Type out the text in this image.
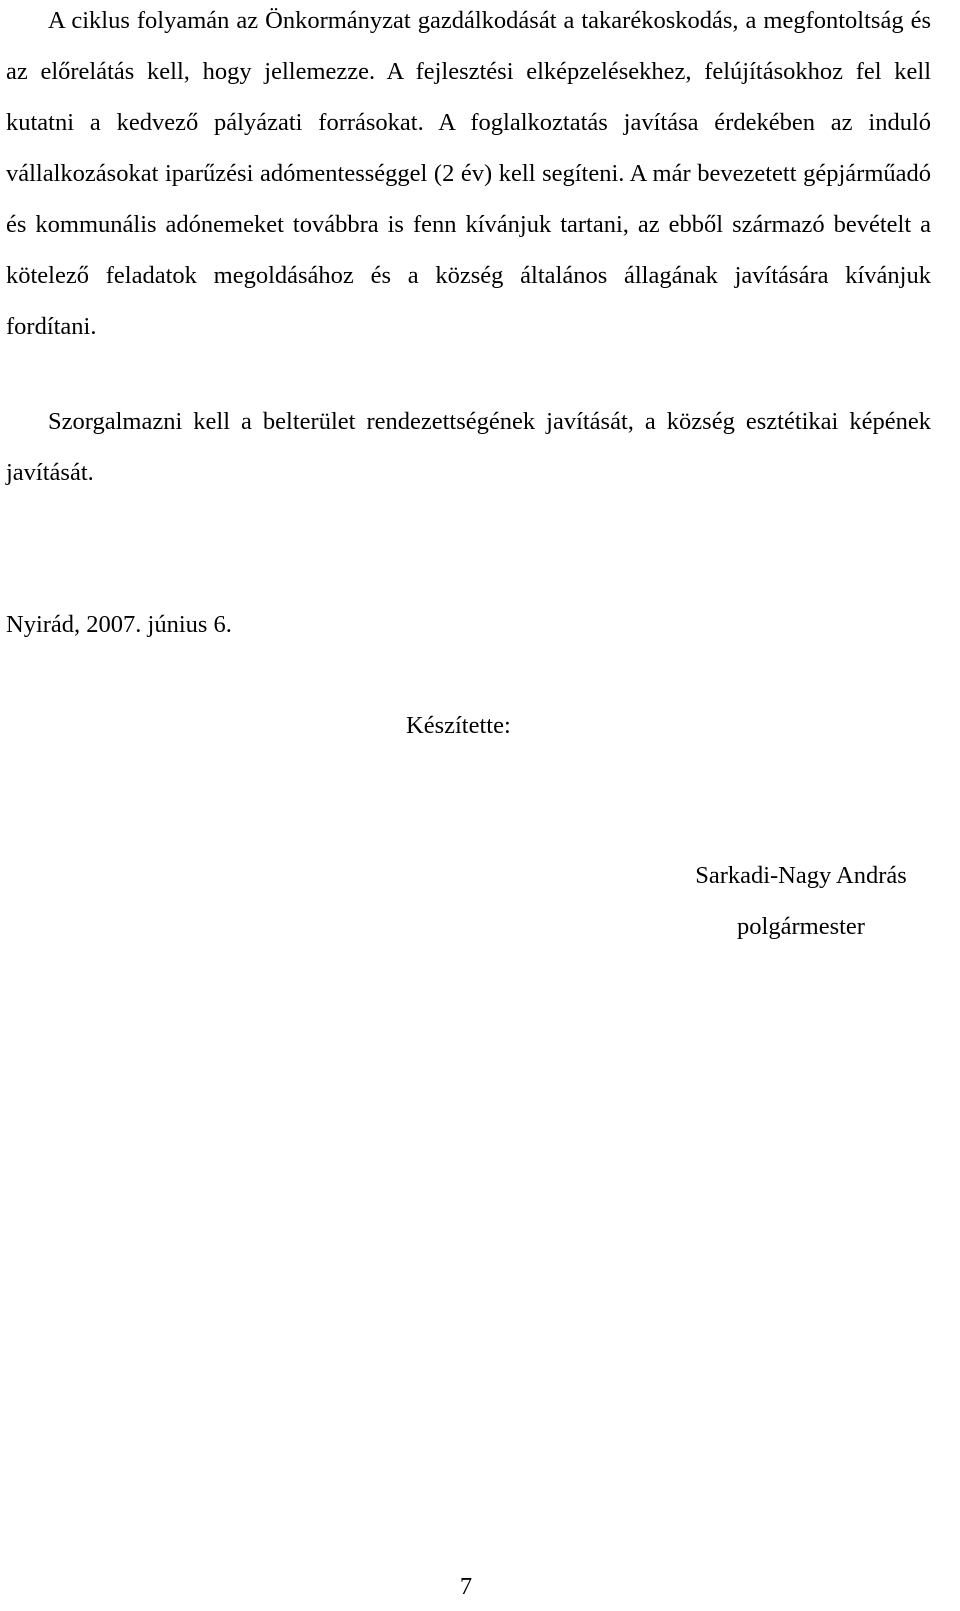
A ciklus folyamán az Önkormányzat gazdálkodását a takarékoskodás, a megfontoltság és az előrelátás kell, hogy jellemezze. A fejlesztési elképzelésekhez, felújításokhoz fel kell kutatni a kedvező pályázati forrásokat. A foglalkoztatás javítása érdekében az induló vállalkozásokat iparűzési adómentességgel (2 év) kell segíteni. A már bevezetett gépjárműadó és kommunális adónemeket továbbra is fenn kívánjuk tartani, az ebből származó bevételt a kötelező feladatok megoldásához és a község általános állagának javítására kívánjuk fordítani.

Szorgalmazni kell a belterület rendezettségének javítását, a község esztétikai képének javítását.

Nyirád, 2007. június 6.

Készítette:

Sarkadi-Nagy András
polgármester
7
